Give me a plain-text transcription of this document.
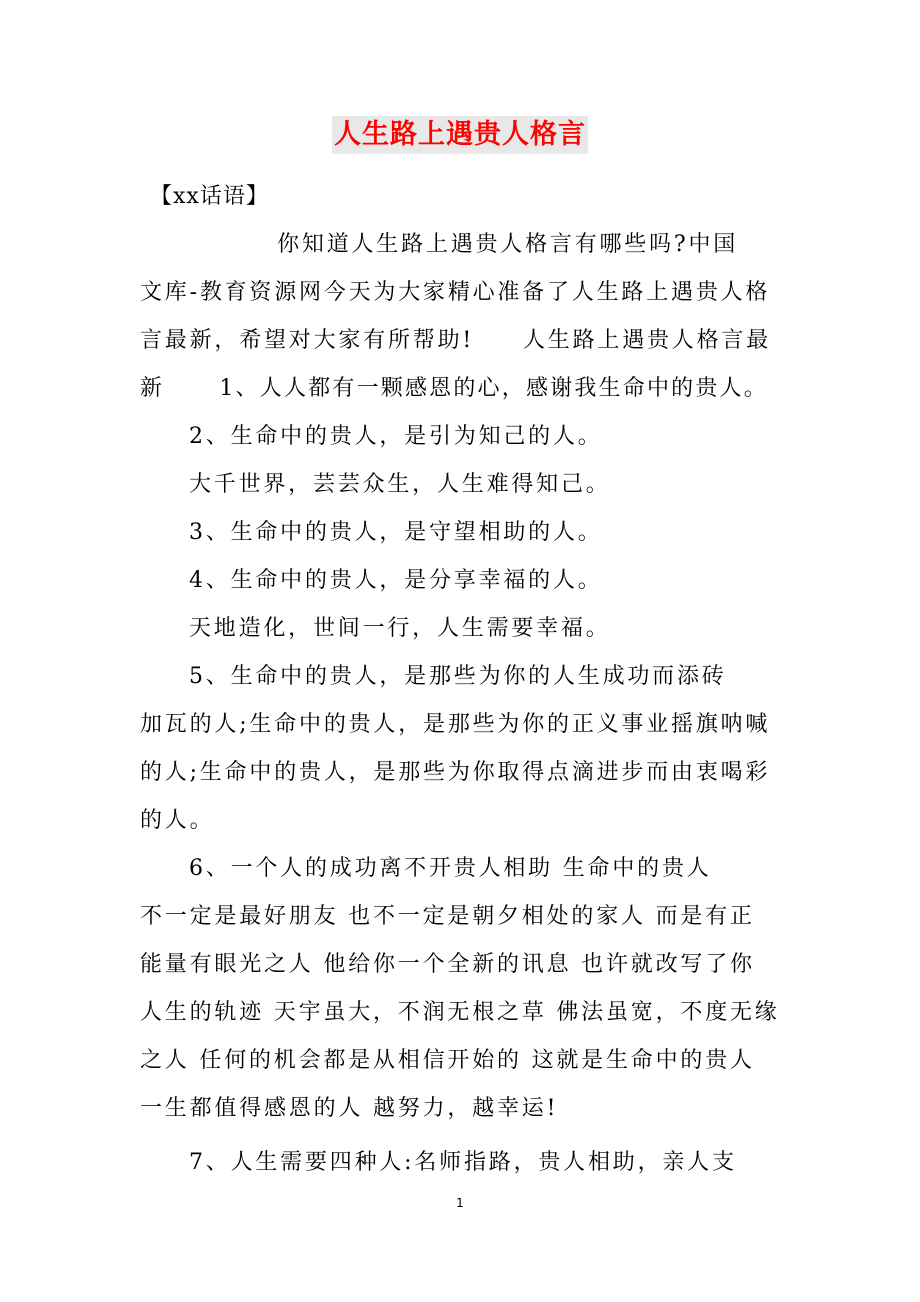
人生路上遇贵人格言
【xx话语】
你知道人生路上遇贵人格言有哪些吗?中国
文库-教育资源网今天为大家精心准备了人生路上遇贵人格
言最新，希望对大家有所帮助!     人生路上遇贵人格言最
新      1、人人都有一颗感恩的心，感谢我生命中的贵人。
2、生命中的贵人，是引为知己的人。
大千世界，芸芸众生，人生难得知己。
3、生命中的贵人，是守望相助的人。
4、生命中的贵人，是分享幸福的人。
天地造化，世间一行，人生需要幸福。
5、生命中的贵人，是那些为你的人生成功而添砖
加瓦的人;生命中的贵人，是那些为你的正义事业摇旗呐喊
的人;生命中的贵人，是那些为你取得点滴进步而由衷喝彩
的人。
6、一个人的成功离不开贵人相助 生命中的贵人
不一定是最好朋友 也不一定是朝夕相处的家人 而是有正
能量有眼光之人 他给你一个全新的讯息 也许就改写了你
人生的轨迹 天宇虽大，不润无根之草 佛法虽宽，不度无缘
之人 任何的机会都是从相信开始的 这就是生命中的贵人
一生都值得感恩的人 越努力，越幸运!
7、人生需要四种人:名师指路，贵人相助，亲人支
1
